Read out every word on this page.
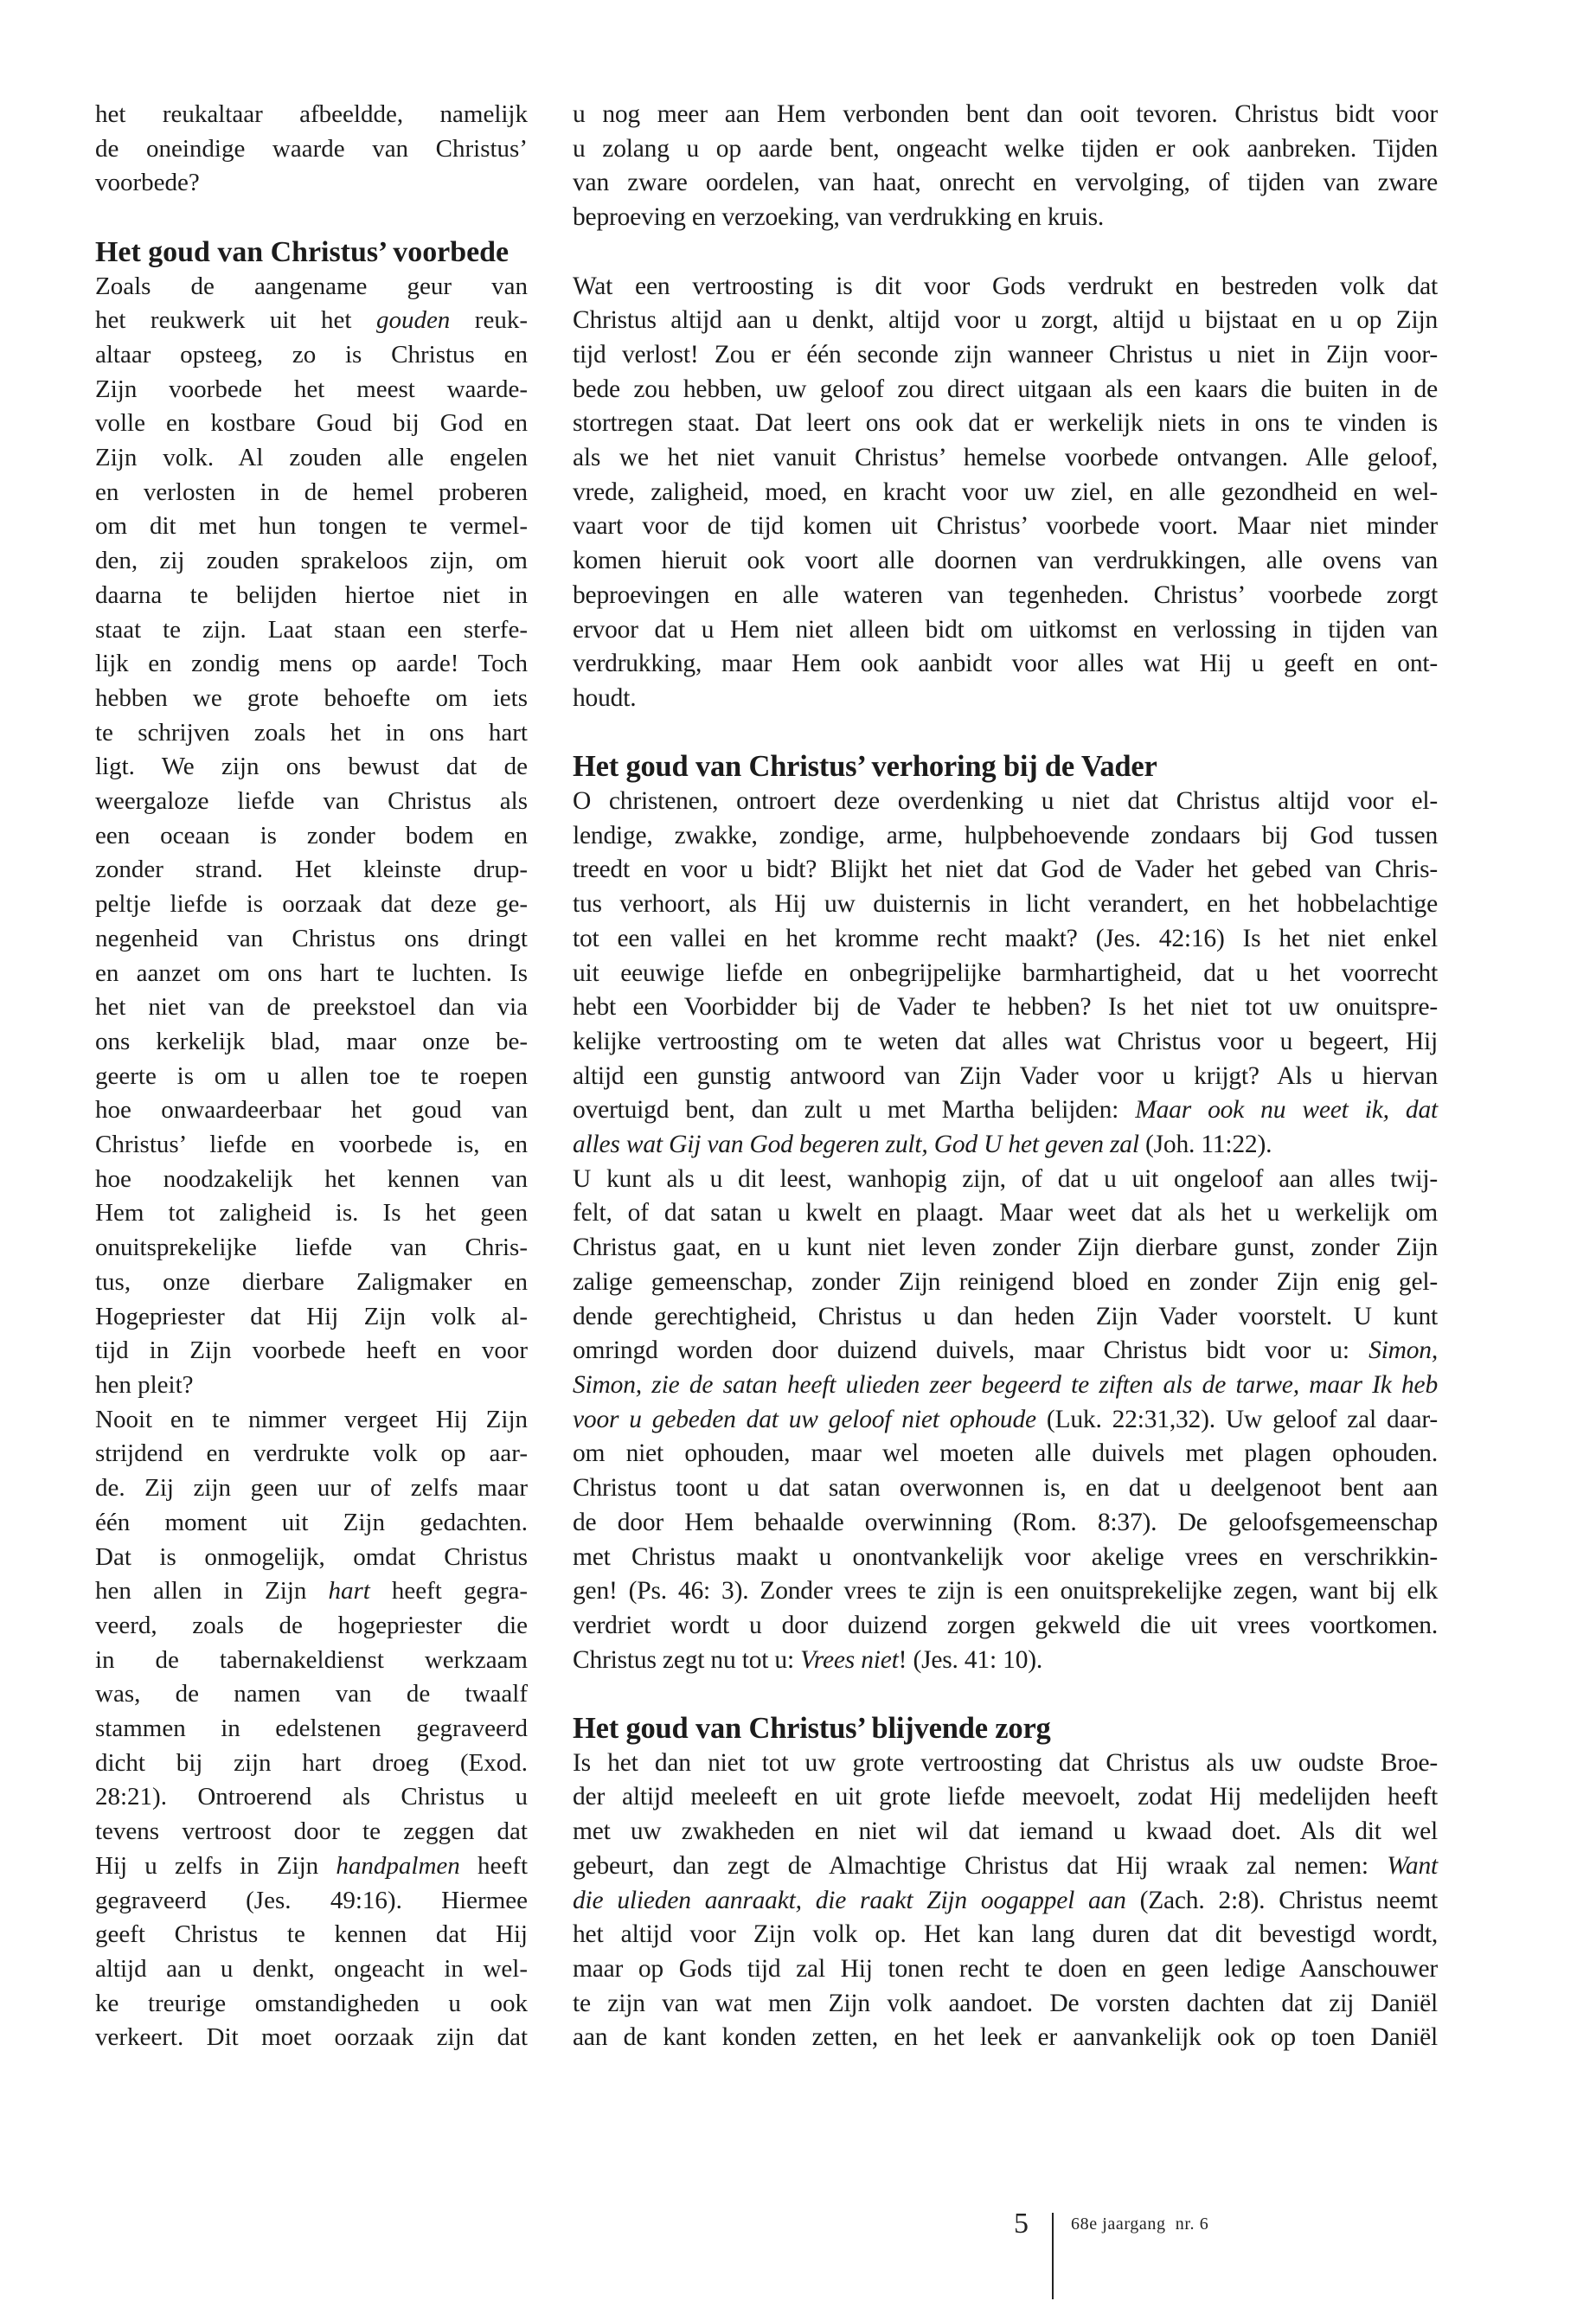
het reukaltaar afbeeldde, namelijk
de oneindige waarde van Christus’
voorbede?
Het goud van Christus’ voorbede
Zoals de aangename geur van
het reukwerk uit het gouden reuk-
altaar opsteeg, zo is Christus en
Zijn voorbede het meest waarde-
volle en kostbare Goud bij God en
Zijn volk. Al zouden alle engelen
en verlosten in de hemel proberen
om dit met hun tongen te vermel-
den, zij zouden sprakeloos zijn, om
daarna te belijden hiertoe niet in
staat te zijn. Laat staan een sterfe-
lijk en zondig mens op aarde! Toch
hebben we grote behoefte om iets
te schrijven zoals het in ons hart
ligt. We zijn ons bewust dat de
weergaloze liefde van Christus als
een oceaan is zonder bodem en
zonder strand. Het kleinste drup-
peltje liefde is oorzaak dat deze ge-
negenheid van Christus ons dringt
en aanzet om ons hart te luchten. Is
het niet van de preekstoel dan via
ons kerkelijk blad, maar onze be-
geerte is om u allen toe te roepen
hoe onwaardeerbaar het goud van
Christus’ liefde en voorbede is, en
hoe noodzakelijk het kennen van
Hem tot zaligheid is. Is het geen
onuitsprekelijke liefde van Chris-
tus, onze dierbare Zaligmaker en
Hogepriester dat Hij Zijn volk al-
tijd in Zijn voorbede heeft en voor
hen pleit?
Nooit en te nimmer vergeet Hij Zijn
strijdend en verdrukte volk op aar-
de. Zij zijn geen uur of zelfs maar
één moment uit Zijn gedachten.
Dat is onmogelijk, omdat Christus
hen allen in Zijn hart heeft gegra-
veerd, zoals de hogepriester die
in de tabernakeldienst werkzaam
was, de namen van de twaalf
stammen in edelstenen gegraveerd
dicht bij zijn hart droeg (Exod.
28:21). Ontroerend als Christus u
tevens vertroost door te zeggen dat
Hij u zelfs in Zijn handpalmen heeft
gegraveerd (Jes. 49:16). Hiermee
geeft Christus te kennen dat Hij
altijd aan u denkt, ongeacht in wel-
ke treurige omstandigheden u ook
verkeert. Dit moet oorzaak zijn dat
u nog meer aan Hem verbonden bent dan ooit tevoren. Christus bidt voor
u zolang u op aarde bent, ongeacht welke tijden er ook aanbreken. Tijden
van zware oordelen, van haat, onrecht en vervolging, of tijden van zware
beproeving en verzoeking, van verdrukking en kruis.
Wat een vertroosting is dit voor Gods verdrukt en bestreden volk dat
Christus altijd aan u denkt, altijd voor u zorgt, altijd u bijstaat en u op Zijn
tijd verlost! Zou er één seconde zijn wanneer Christus u niet in Zijn voor-
bede zou hebben, uw geloof zou direct uitgaan als een kaars die buiten in de
stortregen staat. Dat leert ons ook dat er werkelijk niets in ons te vinden is
als we het niet vanuit Christus’ hemelse voorbede ontvangen. Alle geloof,
vrede, zaligheid, moed, en kracht voor uw ziel, en alle gezondheid en wel-
vaart voor de tijd komen uit Christus’ voorbede voort. Maar niet minder
komen hieruit ook voort alle doornen van verdrukkingen, alle ovens van
beproevingen en alle wateren van tegenheden. Christus’ voorbede zorgt
ervoor dat u Hem niet alleen bidt om uitkomst en verlossing in tijden van
verdrukking, maar Hem ook aanbidt voor alles wat Hij u geeft en ont-
houdt.
Het goud van Christus’ verhoring bij de Vader
O christenen, ontroert deze overdenking u niet dat Christus altijd voor el-
lendige, zwakke, zondige, arme, hulpbehoevende zondaars bij God tussen
treedt en voor u bidt? Blijkt het niet dat God de Vader het gebed van Chris-
tus verhoort, als Hij uw duisternis in licht verandert, en het hobbelachtige
tot een vallei en het kromme recht maakt? (Jes. 42:16) Is het niet enkel
uit eeuwige liefde en onbegrijpelijke barmhartigheid, dat u het voorrecht
hebt een Voorbidder bij de Vader te hebben? Is het niet tot uw onuitspre-
kelijke vertroosting om te weten dat alles wat Christus voor u begeert, Hij
altijd een gunstig antwoord van Zijn Vader voor u krijgt? Als u hiervan
overtuigd bent, dan zult u met Martha belijden: Maar ook nu weet ik, dat
alles wat Gij van God begeren zult, God U het geven zal (Joh. 11:22).
U kunt als u dit leest, wanhopig zijn, of dat u uit ongeloof aan alles twij-
felt, of dat satan u kwelt en plaagt. Maar weet dat als het u werkelijk om
Christus gaat, en u kunt niet leven zonder Zijn dierbare gunst, zonder Zijn
zalige gemeenschap, zonder Zijn reinigend bloed en zonder Zijn enig gel-
dende gerechtigheid, Christus u dan heden Zijn Vader voorstelt. U kunt
omringd worden door duizend duivels, maar Christus bidt voor u: Simon,
Simon, zie de satan heeft ulieden zeer begeerd te ziften als de tarwe, maar Ik heb
voor u gebeden dat uw geloof niet ophoude (Luk. 22:31,32). Uw geloof zal daar-
om niet ophouden, maar wel moeten alle duivels met plagen ophouden.
Christus toont u dat satan overwonnen is, en dat u deelgenoot bent aan
de door Hem behaalde overwinning (Rom. 8:37). De geloofsgemeenschap
met Christus maakt u onontvankelijk voor akelige vrees en verschrikkin-
gen! (Ps. 46: 3). Zonder vrees te zijn is een onuitsprekelijke zegen, want bij elk
verdriet wordt u door duizend zorgen gekweld die uit vrees voortkomen.
Christus zegt nu tot u: Vrees niet! (Jes. 41: 10).
Het goud van Christus’ blijvende zorg
Is het dan niet tot uw grote vertroosting dat Christus als uw oudste Broe-
der altijd meeleeft en uit grote liefde meevoelt, zodat Hij medelijden heeft
met uw zwakheden en niet wil dat iemand u kwaad doet. Als dit wel
gebeurt, dan zegt de Almachtige Christus dat Hij wraak zal nemen: Want
die ulieden aanraakt, die raakt Zijn oogappel aan (Zach. 2:8). Christus neemt
het altijd voor Zijn volk op. Het kan lang duren dat dit bevestigd wordt,
maar op Gods tijd zal Hij tonen recht te doen en geen ledige Aanschouwer
te zijn van wat men Zijn volk aandoet. De vorsten dachten dat zij Daniël
aan de kant konden zetten, en het leek er aanvankelijk ook op toen Daniël
5 68e jaargang  nr. 6
